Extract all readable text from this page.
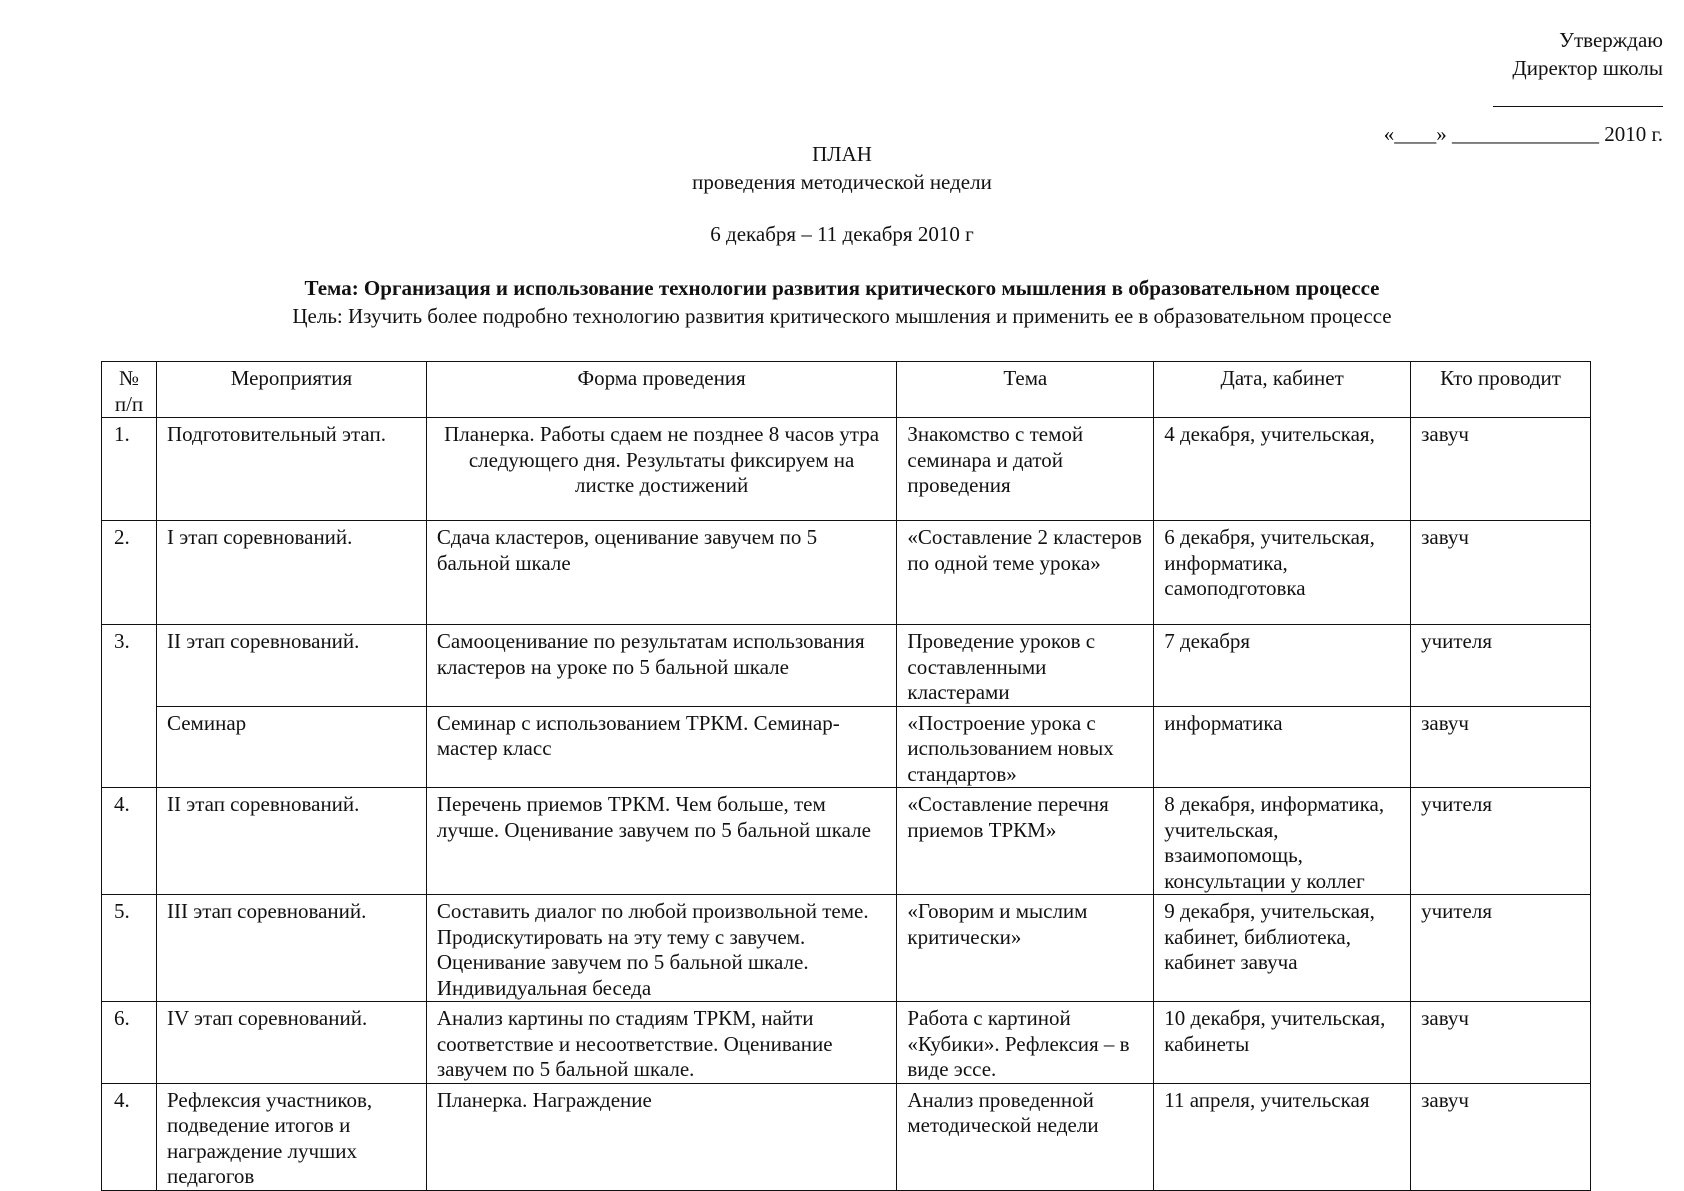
Утверждаю
Директор школы
«____» ______________ 2010 г.
ПЛАН
проведения методической недели
6 декабря – 11 декабря 2010 г
Тема: Организация и использование технологии развития критического мышления в образовательном процессе
Цель: Изучить более подробно технологию развития критического мышления и применить ее в образовательном процессе
№ п/п	Мероприятия	Форма проведения	Тема	Дата, кабинет	Кто проводит
1.	Подготовительный этап.	Планерка. Работы сдаем не позднее 8 часов утра следующего дня. Результаты фиксируем на листке достижений	Знакомство с темой семинара и датой проведения	4 декабря, учительская,	завуч
2.	I этап соревнований.	Сдача кластеров, оценивание завучем по 5 бальной шкале	«Составление 2 кластеров по одной теме урока»	6 декабря, учительская, информатика, самоподготовка	завуч
3.	II этап соревнований.	Самооценивание по результатам использования кластеров на уроке по 5 бальной шкале	Проведение уроков с составленными кластерами	7 декабря	учителя
	Семинар	Семинар с использованием ТРКМ. Семинар-мастер класс	«Построение урока с использованием новых стандартов»	информатика	завуч
4.	II этап соревнований.	Перечень приемов ТРКМ. Чем больше, тем лучше. Оценивание завучем по 5 бальной шкале	«Составление перечня приемов ТРКМ»	8 декабря, информатика, учительская, взаимопомощь, консультации у коллег	учителя
5.	III этап соревнований.	Составить диалог по любой произвольной теме. Продискутировать на эту тему с завучем. Оценивание завучем по 5 бальной шкале. Индивидуальная беседа	«Говорим и мыслим критически»	9 декабря, учительская, кабинет, библиотека, кабинет завуча	учителя
6.	IV этап соревнований.	Анализ картины по стадиям ТРКМ, найти соответствие и несоответствие. Оценивание завучем по 5 бальной шкале.	Работа с картиной «Кубики». Рефлексия – в виде эссе.	10 декабря, учительская, кабинеты	завуч
4.	Рефлексия участников, подведение итогов и награждение лучших педагогов	Планерка. Награждение	Анализ проведенной методической недели	11 апреля, учительская	завуч
